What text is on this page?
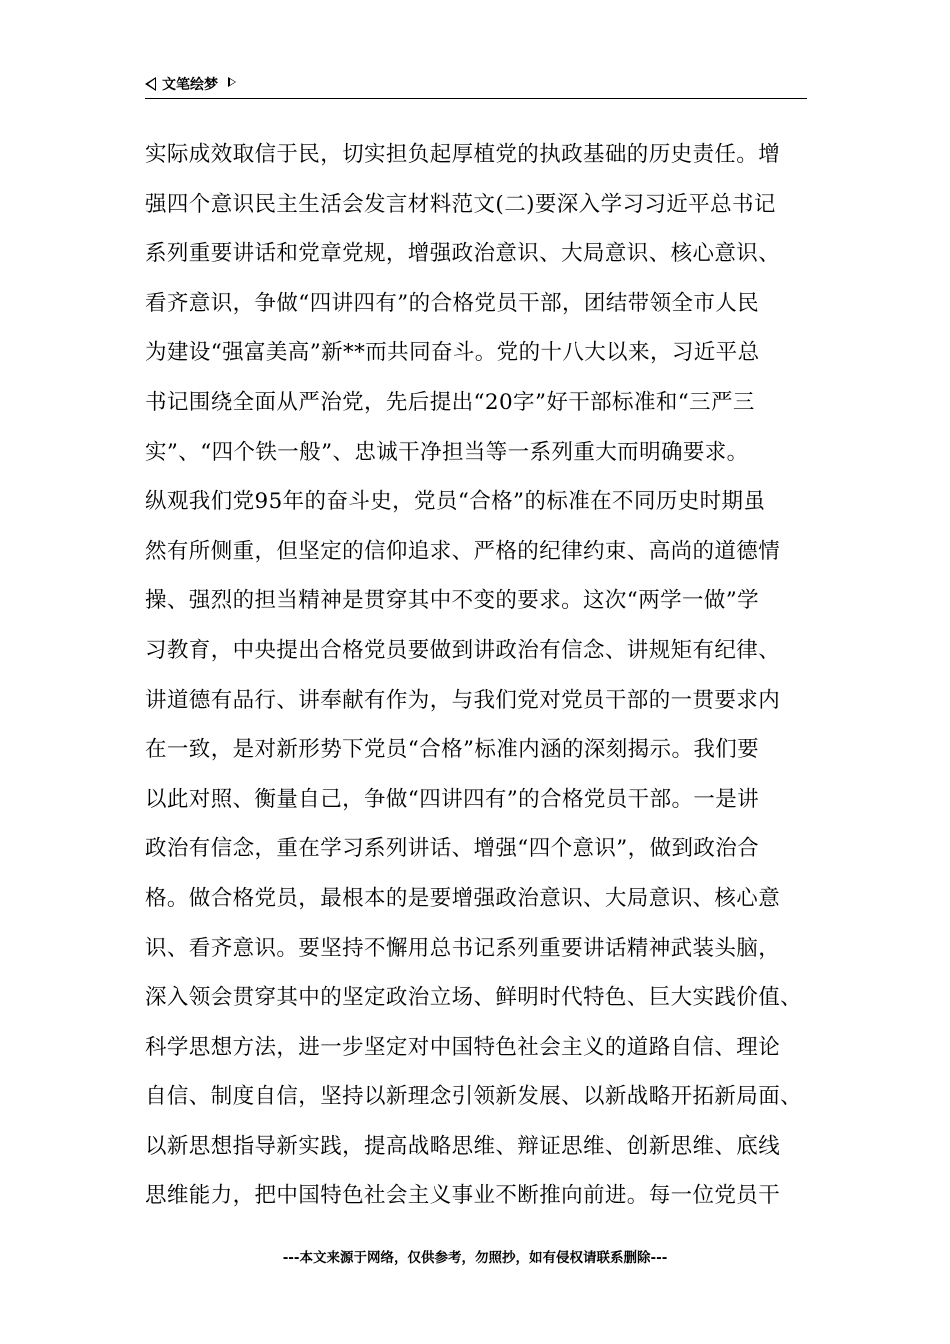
文笔绘梦
实际成效取信于民，切实担负起厚植党的执政基础的历史责任。增
强四个意识民主生活会发言材料范文(二)要深入学习习近平总书记
系列重要讲话和党章党规，增强政治意识、大局意识、核心意识、
看齐意识，争做“四讲四有”的合格党员干部，团结带领全市人民
为建设“强富美高”新**而共同奋斗。党的十八大以来，习近平总
书记围绕全面从严治党，先后提出“20字”好干部标准和“三严三
实”、“四个铁一般”、忠诚干净担当等一系列重大而明确要求。
纵观我们党95年的奋斗史，党员“合格”的标准在不同历史时期虽
然有所侧重，但坚定的信仰追求、严格的纪律约束、高尚的道德情
操、强烈的担当精神是贯穿其中不变的要求。这次“两学一做”学
习教育，中央提出合格党员要做到讲政治有信念、讲规矩有纪律、
讲道德有品行、讲奉献有作为，与我们党对党员干部的一贯要求内
在一致，是对新形势下党员“合格”标准内涵的深刻揭示。我们要
以此对照、衡量自己，争做“四讲四有”的合格党员干部。一是讲
政治有信念，重在学习系列讲话、增强“四个意识”，做到政治合
格。做合格党员，最根本的是要增强政治意识、大局意识、核心意
识、看齐意识。要坚持不懈用总书记系列重要讲话精神武装头脑，
深入领会贯穿其中的坚定政治立场、鲜明时代特色、巨大实践价值、
科学思想方法，进一步坚定对中国特色社会主义的道路自信、理论
自信、制度自信，坚持以新理念引领新发展、以新战略开拓新局面、
以新思想指导新实践，提高战略思维、辩证思维、创新思维、底线
思维能力，把中国特色社会主义事业不断推向前进。每一位党员干
---本文来源于网络，仅供参考，勿照抄，如有侵权请联系删除---
